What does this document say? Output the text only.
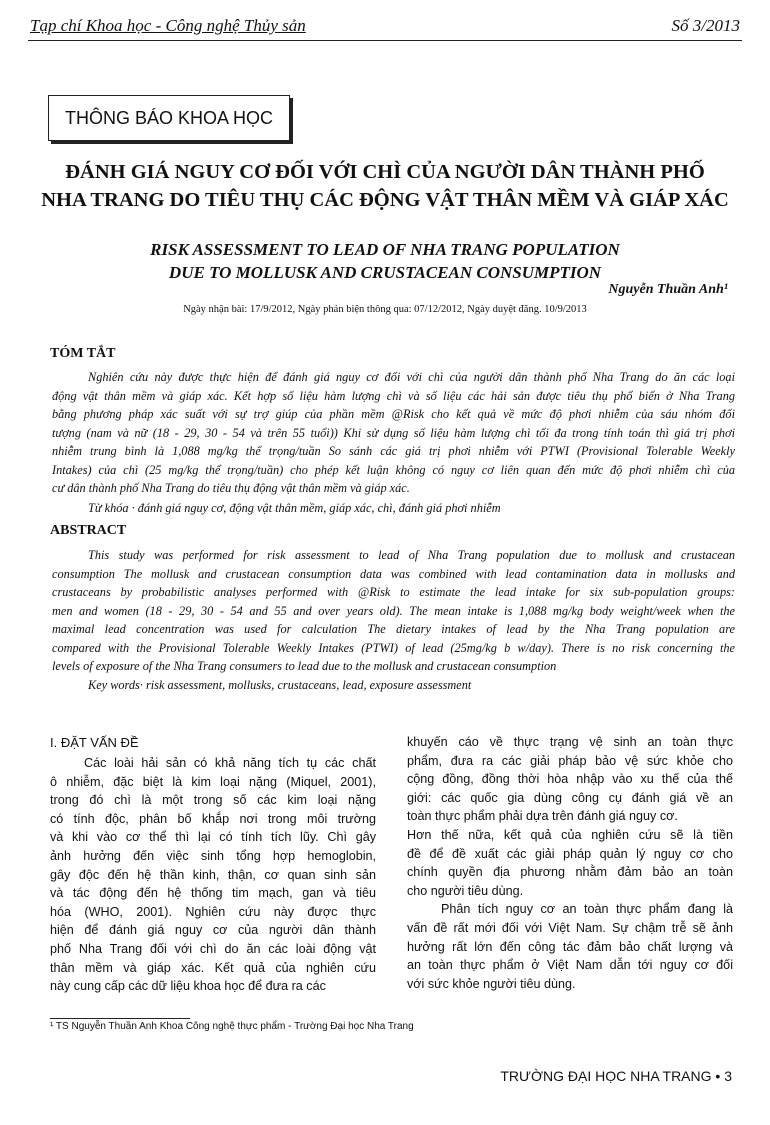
Tạp chí Khoa học - Công nghệ Thủy sản	Số 3/2013
THÔNG BÁO KHOA HỌC
ĐÁNH GIÁ NGUY CƠ ĐỐI VỚI CHÌ CỦA NGƯỜI DÂN THÀNH PHỐ
NHA TRANG DO TIÊU THỤ CÁC ĐỘNG VẬT THÂN MỀM VÀ GIÁP XÁC
RISK ASSESSMENT TO LEAD OF NHA TRANG POPULATION
DUE TO MOLLUSK AND CRUSTACEAN CONSUMPTION
Nguyễn Thuần Anh¹
Ngày nhận bài: 17/9/2012, Ngày phản biện thông qua: 07/12/2012, Ngày duyệt đăng. 10/9/2013
TÓM TẮT
Nghiên cứu này được thực hiện để đánh giá nguy cơ đối với chì của người dân thành phố Nha Trang do ăn các loại
động vật thân mềm và giáp xác. Kết hợp số liệu hàm lượng chì và số liệu các hải sản được tiêu thụ phổ biến ở Nha Trang
bằng phương pháp xác suất với sự trợ giúp của phần mềm @Risk cho kết quả về mức độ phơi nhiễm của sáu nhóm đối
tượng (nam và nữ (18 - 29, 30 - 54 và trên 55 tuổi)) Khi sử dụng số liệu hàm lượng chì tối đa trong tính toán thì giá trị phơi
nhiễm trung bình là 1,088 mg/kg thể trọng/tuần So sánh các giá trị phơi nhiễm với PTWI (Provisional Tolerable Weekly
Intakes) của chì (25 mg/kg thể trọng/tuần) cho phép kết luận không có nguy cơ liên quan đến mức độ phơi nhiễm chì của
cư dân thành phố Nha Trang do tiêu thụ động vật thân mềm và giáp xác.
Từ khóa · đánh giá nguy cơ, động vật thân mềm, giáp xác, chì, đánh giá phơi nhiễm
ABSTRACT
This study was performed for risk assessment to lead of Nha Trang population due to mollusk and crustacean
consumption The mollusk and crustacean consumption data was combined with lead contamination data in mollusks and
crustaceans by probabilistic analyses performed with @Risk to estimate the lead intake for six sub-population groups:
men and women (18 - 29, 30 - 54 and 55 and over years old). The mean intake is 1,088 mg/kg body weight/week when the
maximal lead concentration was used for calculation The dietary intakes of lead by the Nha Trang population are
compared with the Provisional Tolerable Weekly Intakes (PTWI) of lead (25mg/kg b w/day). There is no risk concerning the
levels of exposure of the Nha Trang consumers to lead due to the mollusk and crustacean consumption
Key words· risk assessment, mollusks, crustaceans, lead, exposure assessment
I. ĐẶT VẤN ĐỀ
Các loài hải sản có khả năng tích tụ các chất
ô nhiễm, đặc biệt là kim loại nặng (Miquel, 2001),
trong đó chì là một trong số các kim loại nặng
có tính độc, phân bố khắp nơi trong môi trường
và khi vào cơ thể thì lại có tính tích lũy. Chì gây
ảnh hưởng đến việc sinh tổng hợp hemoglobin,
gây độc đến hệ thần kinh, thận, cơ quan sinh sản
và tác động đến hệ thống tim mạch, gan và tiêu
hóa (WHO, 2001). Nghiên cứu này được thực
hiện để đánh giá nguy cơ của người dân thành
phố Nha Trang đối với chì do ăn các loài động vật
thân mềm và giáp xác. Kết quả của nghiên cứu
này cung cấp các dữ liệu khoa học để đưa ra các
khuyến cáo về thực trạng vệ sinh an toàn thực
phẩm, đưa ra các giải pháp bảo vệ sức khỏe cho
cộng đồng, đồng thời hòa nhập vào xu thế của thế
giới: các quốc gia dùng công cụ đánh giá về an
toàn thực phẩm phải dựa trên đánh giá nguy cơ.
Hơn thế nữa, kết quả của nghiên cứu sẽ là tiền
đề để đề xuất các giải pháp quản lý nguy cơ cho
chính quyền địa phương nhằm đảm bảo an toàn
cho người tiêu dùng.
Phân tích nguy cơ an toàn thực phẩm đang là
vấn đề rất mới đối với Việt Nam. Sự chậm trễ sẽ ảnh
hưởng rất lớn đến công tác đảm bảo chất lượng và
an toàn thực phẩm ở Việt Nam dẫn tới nguy cơ đối
với sức khỏe người tiêu dùng.
¹ TS Nguyễn Thuần Anh Khoa Công nghệ thực phẩm - Trường Đại học Nha Trang
TRƯỜNG ĐẠI HỌC NHA TRANG • 3
